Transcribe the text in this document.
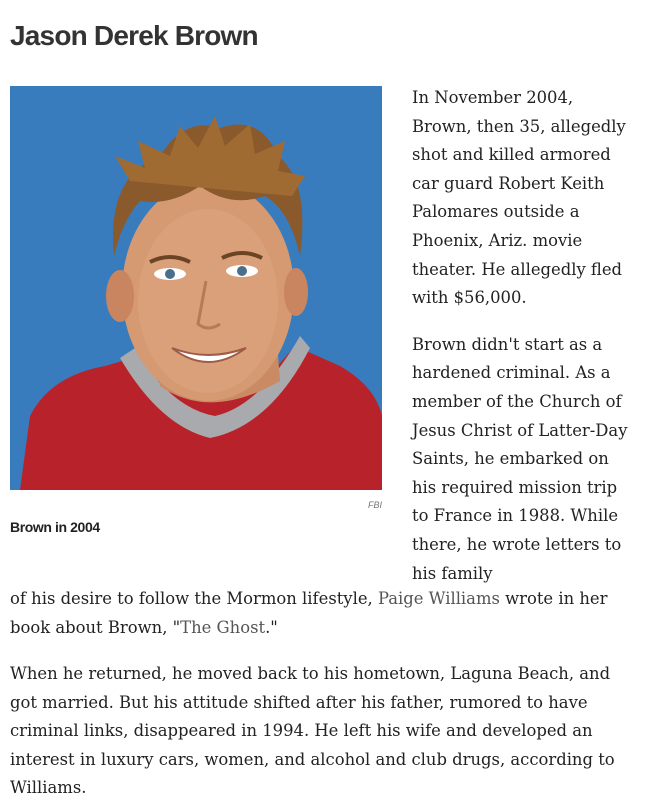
Jason Derek Brown
FBI
Brown in 2004

In November 2004, Brown, then 35, allegedly shot and killed armored car guard Robert Keith Palomares outside a Phoenix, Ariz. movie theater. He allegedly fled with $56,000.

Brown didn't start as a hardened criminal. As a member of the Church of Jesus Christ of Latter-Day Saints, he embarked on his required mission trip to France in 1988. While there, he wrote letters to his family

of his desire to follow the Mormon lifestyle, Paige Williams wrote in her book about Brown, "The Ghost."

When he returned, he moved back to his hometown, Laguna Beach, and got married. But his attitude shifted after his father, rumored to have criminal links, disappeared in 1994. He left his wife and developed an interest in luxury cars, women, and alcohol and club drugs, according to Williams.
